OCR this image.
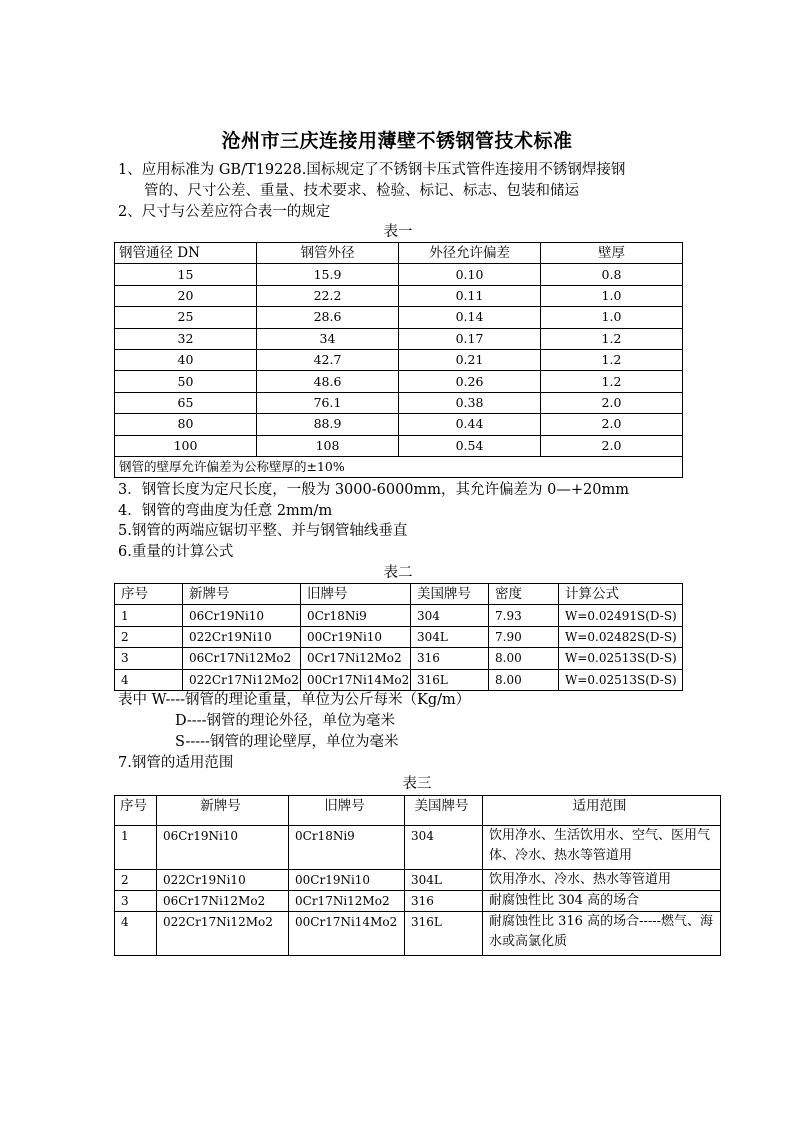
沧州市三庆连接用薄壁不锈钢管技术标准
1、应用标准为 GB/T19228.国标规定了不锈钢卡压式管件连接用不锈钢焊接钢
管的、尺寸公差、重量、技术要求、检验、标记、标志、包装和储运
2、尺寸与公差应符合表一的规定
表一
钢管通径 DN	钢管外径	外径允许偏差	壁厚
15	15.9	0.10	0.8
20	22.2	0.11	1.0
25	28.6	0.14	1.0
32	34	0.17	1.2
40	42.7	0.21	1.2
50	48.6	0.26	1.2
65	76.1	0.38	2.0
80	88.9	0.44	2.0
100	108	0.54	2.0
钢管的壁厚允许偏差为公称壁厚的±10%			
3．钢管长度为定尺长度，一般为 3000-6000mm，其允许偏差为 0—+20mm
4．钢管的弯曲度为任意 2mm/m
5.钢管的两端应锯切平整、并与钢管轴线垂直
6.重量的计算公式
表二
序号	新牌号	旧牌号	美国牌号	密度	计算公式
1	06Cr19Ni10	0Cr18Ni9	304	7.93	W=0.02491S(D-S)
2	022Cr19Ni10	00Cr19Ni10	304L	7.90	W=0.02482S(D-S)
3	06Cr17Ni12Mo2	0Cr17Ni12Mo2	316	8.00	W=0.02513S(D-S)
4	022Cr17Ni12Mo2	00Cr17Ni14Mo2	316L	8.00	W=0.02513S(D-S)
表中 W----钢管的理论重量，单位为公斤每米（Kg/m）
D----钢管的理论外径，单位为毫米
S-----钢管的理论壁厚，单位为毫米
7.钢管的适用范围
表三
序号	新牌号	旧牌号	美国牌号	适用范围
1	06Cr19Ni10	0Cr18Ni9	304	饮用净水、生活饮用水、空气、医用气体、冷水、热水等管道用
2	022Cr19Ni10	00Cr19Ni10	304L	饮用净水、冷水、热水等管道用
3	06Cr17Ni12Mo2	0Cr17Ni12Mo2	316	耐腐蚀性比 304 高的场合
4	022Cr17Ni12Mo2	00Cr17Ni14Mo2	316L	耐腐蚀性比 316 高的场合-----燃气、海水或高氯化质
